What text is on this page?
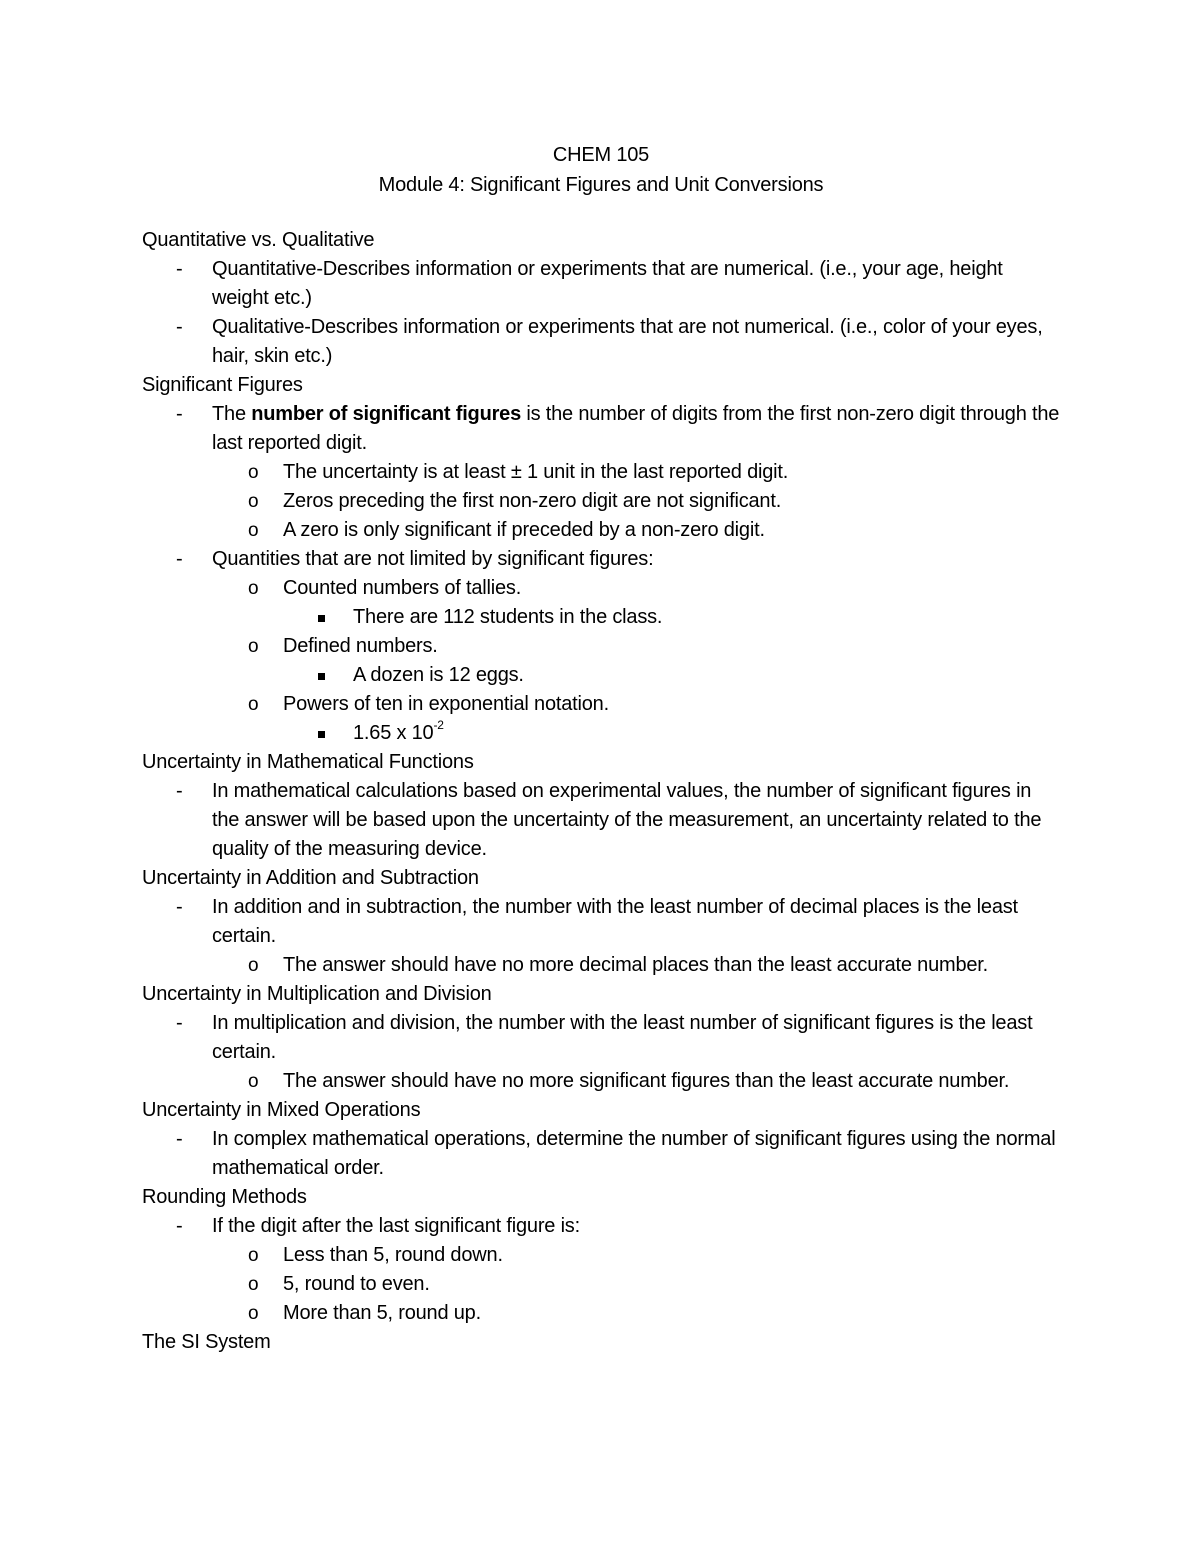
CHEM 105

Module 4: Significant Figures and Unit Conversions

Quantitative vs. Qualitative

- Quantitative-Describes information or experiments that are numerical. (i.e., your age, height weight etc.)

- Qualitative-Describes information or experiments that are not numerical. (i.e., color of your eyes, hair, skin etc.)

Significant Figures

- The number of significant figures is the number of digits from the first non-zero digit through the last reported digit.

o The uncertainty is at least ± 1 unit in the last reported digit.

o Zeros preceding the first non-zero digit are not significant.

o A zero is only significant if preceded by a non-zero digit.

- Quantities that are not limited by significant figures:

o Counted numbers of tallies.

There are 112 students in the class.

o Defined numbers.

A dozen is 12 eggs.

o Powers of ten in exponential notation.

1.65 x $10^{-2}$

Uncertainty in Mathematical Functions

- In mathematical calculations based on experimental values, the number of significant figures in the answer will be based upon the uncertainty of the measurement, an uncertainty related to the quality of the measuring device.

Uncertainty in Addition and Subtraction

- In addition and in subtraction, the number with the least number of decimal places is the least certain.

o The answer should have no more decimal places than the least accurate number.

Uncertainty in Multiplication and Division

- In multiplication and division, the number with the least number of significant figures is the least certain.

o The answer should have no more significant figures than the least accurate number.

Uncertainty in Mixed Operations

- In complex mathematical operations, determine the number of significant figures using the normal mathematical order.

Rounding Methods

- If the digit after the last significant figure is:

o Less than 5, round down.

o 5, round to even.

o More than 5, round up.

The SI System
